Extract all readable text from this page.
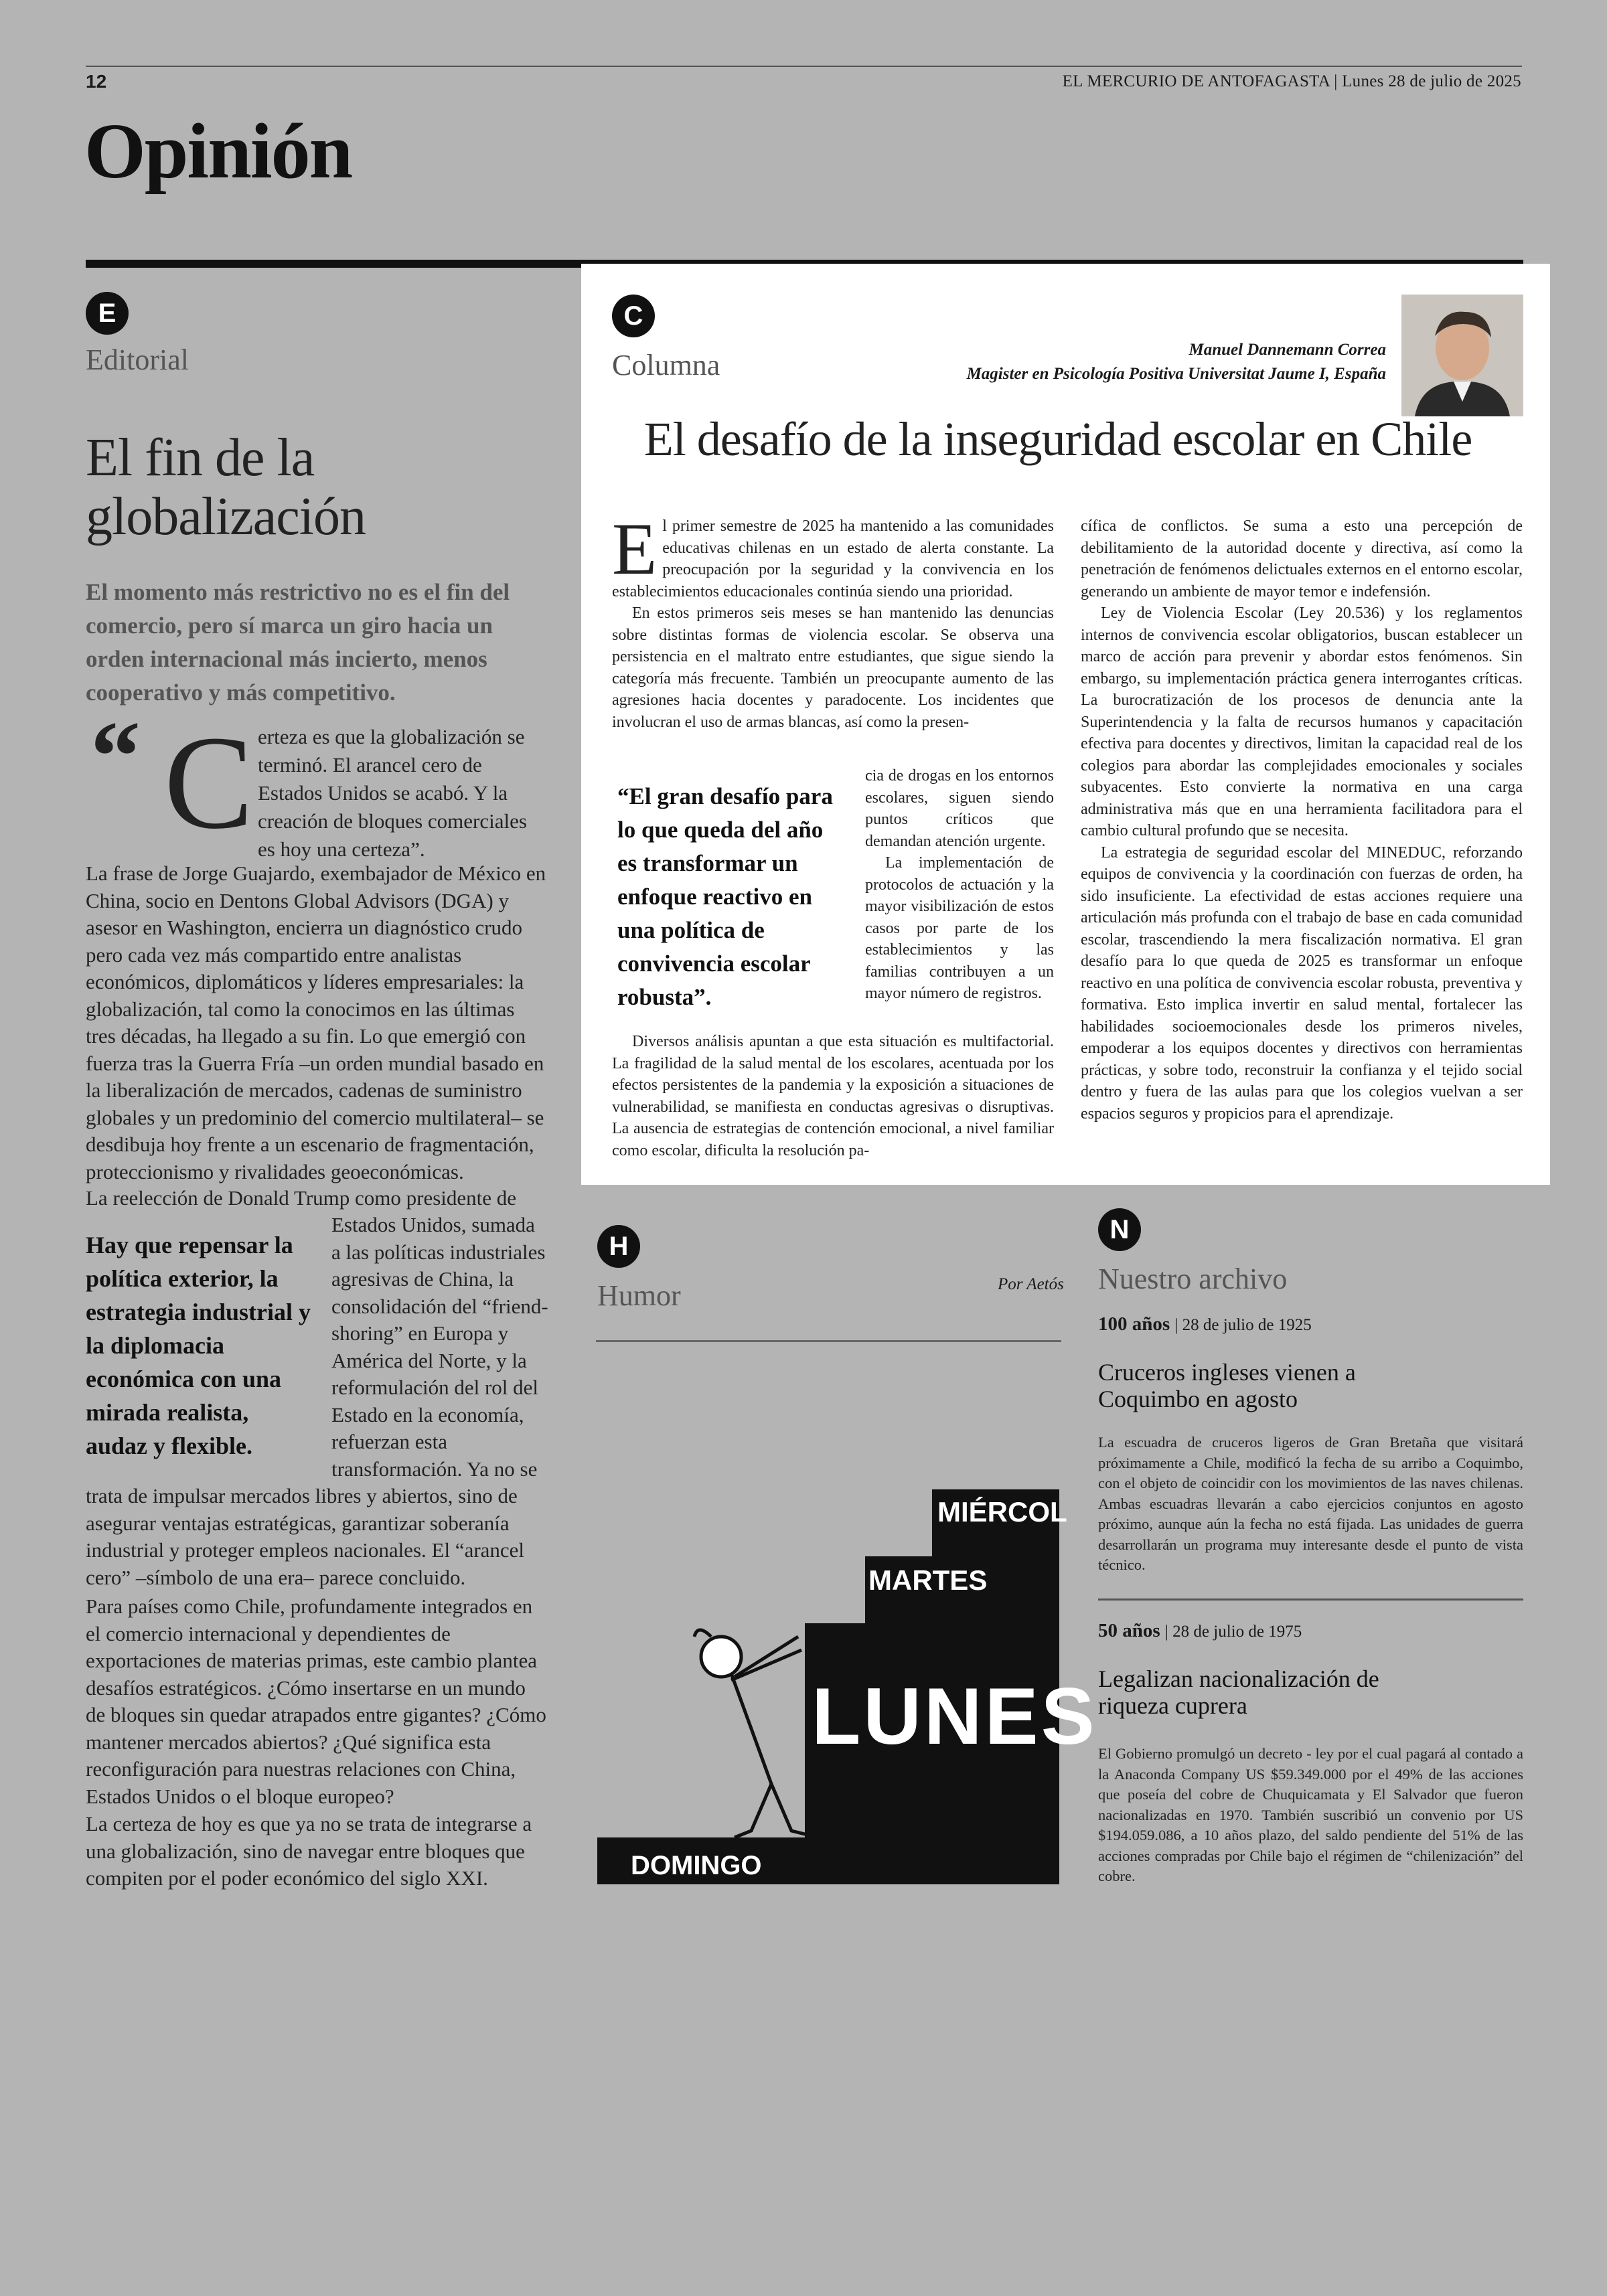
12	EL MERCURIO DE ANTOFAGASTA | Lunes 28 de julio de 2025
Opinión
E
Editorial
El fin de la globalización
El momento más restrictivo no es el fin del comercio, pero sí marca un giro hacia un orden internacional más incierto, menos cooperativo y más competitivo.
“ C erteza es que la globalización se terminó. El arancel cero de Estados Unidos se acabó. Y la creación de bloques comerciales es hoy una certeza”.
La frase de Jorge Guajardo, exembajador de México en China, socio en Dentons Global Advisors (DGA) y asesor en Washington, encierra un diagnóstico crudo pero cada vez más compartido entre analistas económicos, diplomáticos y líderes empresariales: la globalización, tal como la conocimos en las últimas tres décadas, ha llegado a su fin. Lo que emergió con fuerza tras la Guerra Fría –un orden mundial basado en la liberalización de mercados, cadenas de suministro globales y un predominio del comercio multilateral– se desdibuja hoy frente a un escenario de fragmentación, proteccionismo y rivalidades geoeconómicas.
La reelección de Donald Trump como presidente de
Hay que repensar la política exterior, la estrategia industrial y la diplomacia económica con una mirada realista, audaz y flexible.
Estados Unidos, sumada a las políticas industriales agresivas de China, la consolidación del “friend-shoring” en Europa y América del Norte, y la reformulación del rol del Estado en la economía, refuerzan esta transformación. Ya no se
trata de impulsar mercados libres y abiertos, sino de asegurar ventajas estratégicas, garantizar soberanía industrial y proteger empleos nacionales. El “arancel cero” –símbolo de una era– parece concluido.
Para países como Chile, profundamente integrados en el comercio internacional y dependientes de exportaciones de materias primas, este cambio plantea desafíos estratégicos. ¿Cómo insertarse en un mundo de bloques sin quedar atrapados entre gigantes? ¿Cómo mantener mercados abiertos? ¿Qué significa esta reconfiguración para nuestras relaciones con China, Estados Unidos o el bloque europeo?
La certeza de hoy es que ya no se trata de integrarse a una globalización, sino de navegar entre bloques que compiten por el poder económico del siglo XXI.
C
Columna	Manuel Dannemann Correa
Magister en Psicología Positiva Universitat Jaume I, España
El desafío de la inseguridad escolar en Chile

El primer semestre de 2025 ha mantenido a las comunidades educativas chilenas en un estado de alerta constante. La preocupación por la seguridad y la convivencia en los establecimientos educacionales continúa siendo una prioridad.

En estos primeros seis meses se han mantenido las denuncias sobre distintas formas de violencia escolar. Se observa una persistencia en el maltrato entre estudiantes, que sigue siendo la categoría más frecuente. También un preocupante aumento de las agresiones hacia docentes y paradocente. Los incidentes que involucran el uso de armas blancas, así como la presen-

“El gran desafío para lo que queda del año es transformar un enfoque reactivo en una política de convivencia escolar robusta”.

cia de drogas en los entornos escolares, siguen siendo puntos críticos que demandan atención urgente.

La implementación de protocolos de actuación y la mayor visibilización de estos casos por parte de los establecimientos y las familias contribuyen a un mayor número de registros.

Diversos análisis apuntan a que esta situación es multifactorial. La fragilidad de la salud mental de los escolares, acentuada por los efectos persistentes de la pandemia y la exposición a situaciones de vulnerabilidad, se manifiesta en conductas agresivas o disruptivas. La ausencia de estrategias de contención emocional, a nivel familiar como escolar, dificulta la resolución pa-

cífica de conflictos. Se suma a esto una percepción de debilitamiento de la autoridad docente y directiva, así como la penetración de fenómenos delictuales externos en el entorno escolar, generando un ambiente de mayor temor e indefensión.

Ley de Violencia Escolar (Ley 20.536) y los reglamentos internos de convivencia escolar obligatorios, buscan establecer un marco de acción para prevenir y abordar estos fenómenos. Sin embargo, su implementación práctica genera interrogantes críticas. La burocratización de los procesos de denuncia ante la Superintendencia y la falta de recursos humanos y capacitación efectiva para docentes y directivos, limitan la capacidad real de los colegios para abordar las complejidades emocionales y sociales subyacentes. Esto convierte la normativa en una carga administrativa más que en una herramienta facilitadora para el cambio cultural profundo que se necesita.

La estrategia de seguridad escolar del MINEDUC, reforzando equipos de convivencia y la coordinación con fuerzas de orden, ha sido insuficiente. La efectividad de estas acciones requiere una articulación más profunda con el trabajo de base en cada comunidad escolar, trascendiendo la mera fiscalización normativa. El gran desafío para lo que queda de 2025 es transformar un enfoque reactivo en una política de convivencia escolar robusta, preventiva y formativa. Esto implica invertir en salud mental, fortalecer las habilidades socioemocionales desde los primeros niveles, empoderar a los equipos docentes y directivos con herramientas prácticas, y sobre todo, reconstruir la confianza y el tejido social dentro y fuera de las aulas para que los colegios vuelvan a ser espacios seguros y propicios para el aprendizaje.

H
Humor	Por Aetós
DOMINGO
LUNES
MARTES
MIÉRCOL
N
Nuestro archivo
100 años | 28 de julio de 1925
Cruceros ingleses vienen a Coquimbo en agosto
La escuadra de cruceros ligeros de Gran Bretaña que visitará próximamente a Chile, modificó la fecha de su arribo a Coquimbo, con el objeto de coincidir con los movimientos de las naves chilenas. Ambas escuadras llevarán a cabo ejercicios conjuntos en agosto próximo, aunque aún la fecha no está fijada. Las unidades de guerra desarrollarán un programa muy interesante desde el punto de vista técnico.
50 años | 28 de julio de 1975
Legalizan nacionalización de riqueza cuprera
El Gobierno promulgó un decreto - ley por el cual pagará al contado a la Anaconda Company US $59.349.000 por el 49% de las acciones que poseía del cobre de Chuquicamata y El Salvador que fueron nacionalizadas en 1970. También suscribió un convenio por US $194.059.086, a 10 años plazo, del saldo pendiente del 51% de las acciones compradas por Chile bajo el régimen de “chilenización” del cobre.
